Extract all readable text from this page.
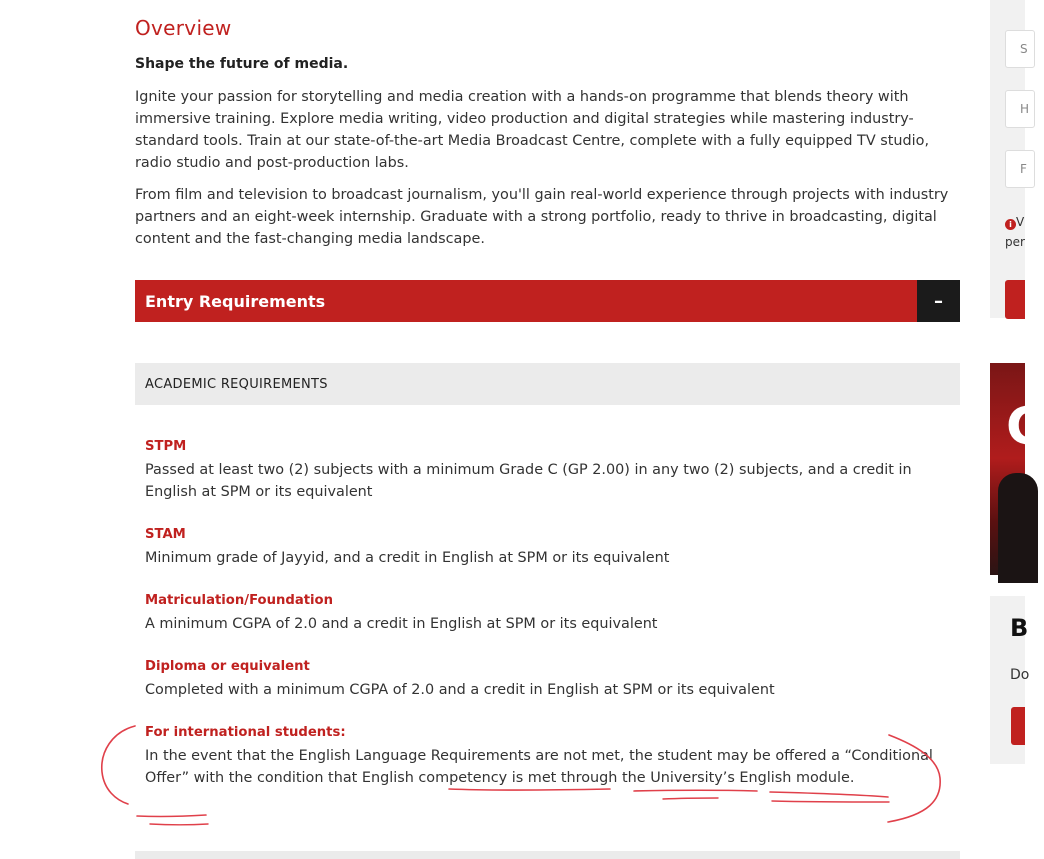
Overview

Shape the future of media.

Ignite your passion for storytelling and media creation with a hands-on programme that blends theory with immersive training. Explore media writing, video production and digital strategies while mastering industry-standard tools. Train at our state-of-the-art Media Broadcast Centre, complete with a fully equipped TV studio, radio studio and post-production labs.

From film and television to broadcast journalism, you'll gain real-world experience through projects with industry partners and an eight-week internship. Graduate with a strong portfolio, ready to thrive in broadcasting, digital content and the fast-changing media landscape.

Entry Requirements	–
ACADEMIC REQUIREMENTS

STPM

Passed at least two (2) subjects with a minimum Grade C (GP 2.00) in any two (2) subjects, and a credit in English at SPM or its equivalent

STAM

Minimum grade of Jayyid, and a credit in English at SPM or its equivalent

Matriculation/Foundation

A minimum CGPA of 2.0 and a credit in English at SPM or its equivalent

Diploma or equivalent

Completed with a minimum CGPA of 2.0 and a credit in English at SPM or its equivalent

For international students:

In the event that the English Language Requirements are not met, the student may be offered a “Conditional Offer” with the condition that English competency is met through the University’s English module.

S
H
F
i V
per
C
B
Do
